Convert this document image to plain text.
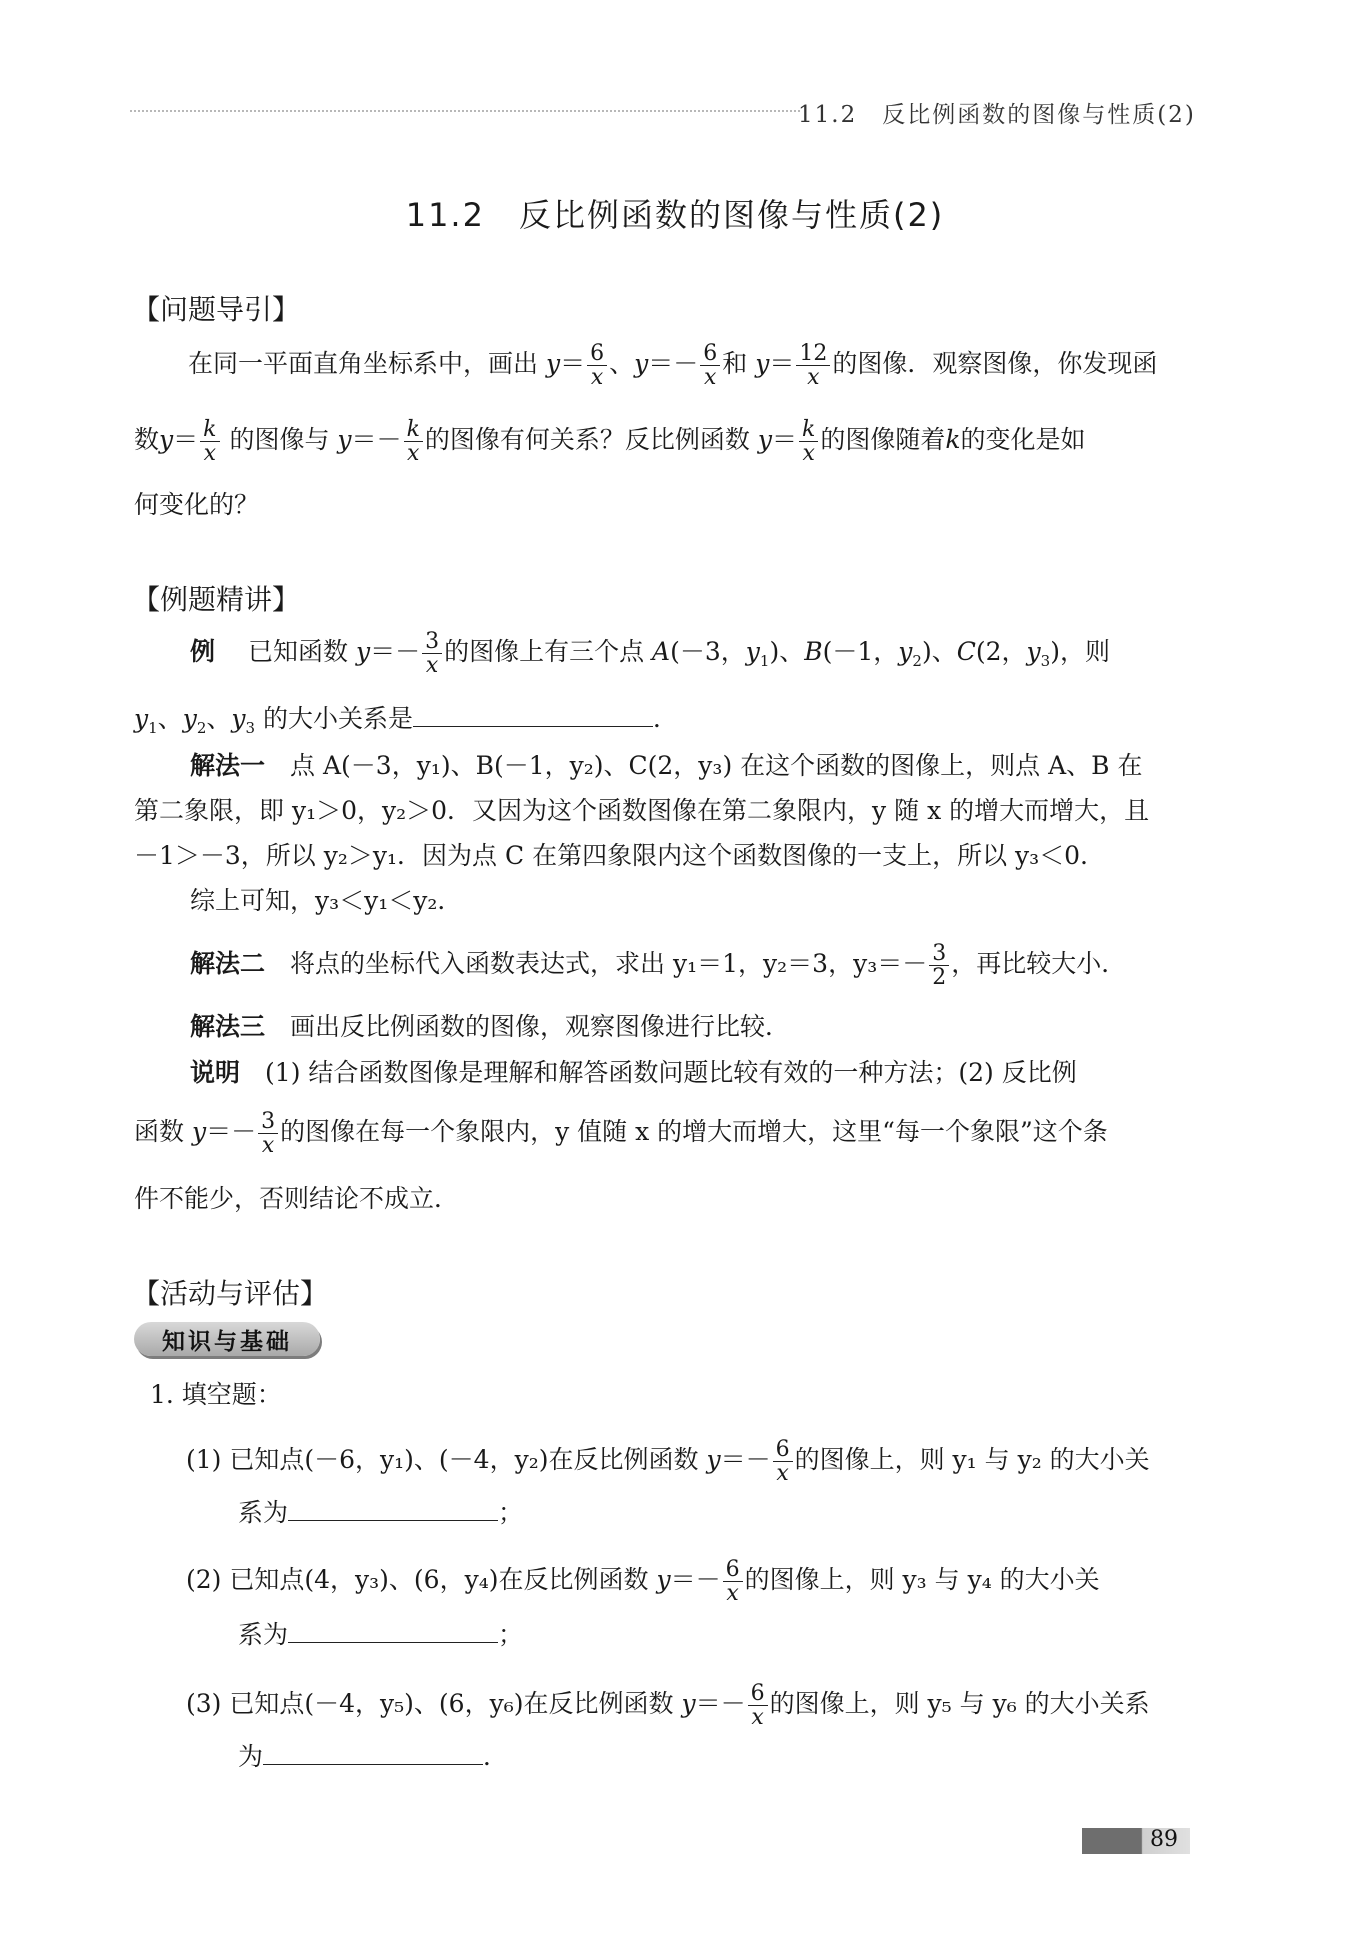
11.2　反比例函数的图像与性质(2)
11.2　反比例函数的图像与性质(2)
【问题导引】
在同一平面直角坐标系中，画出 $y= \frac{6}{x}$ 、$y=- \frac{6}{x}$ 和 $y= \frac{12}{x}$ 的图像．观察图像，你发现函
数$y= \frac{k}{x}$ 的图像与 $y=- \frac{k}{x}$ 的图像有何关系？反比例函数 $y= \frac{k}{x}$ 的图像随着k的变化是如
何变化的？
【例题精讲】
例　 已知函数 $y=- \frac{3}{x}$ 的图像上有三个点 A(－3，$y_1$)、B(－1，$y_2$)、C(2，$y_3$)，则
$y_1$、$y_2$、$y_3$ 的大小关系是	．
解法一　 点 A(－3，y₁)、B(－1，y₂)、C(2，y₃) 在这个函数的图像上，则点 A、B 在
第二象限，即 y₁＞0，y₂＞0．又因为这个函数图像在第二象限内，y 随 x 的增大而增大，且
－1＞－3，所以 y₂＞y₁．因为点 C 在第四象限内这个函数图像的一支上，所以 y₃＜0．
综上可知，y₃＜y₁＜y₂．
解法二　 将点的坐标代入函数表达式，求出 y₁＝1，y₂＝3，$y_3=- \frac{3}{2}$ ，再比较大小．
解法三　 画出反比例函数的图像，观察图像进行比较．
说明　 (1) 结合函数图像是理解和解答函数问题比较有效的一种方法；(2) 反比例
函数 $y=- \frac{3}{x}$ 的图像在每一个象限内，y 值随 x 的增大而增大，这里“每一个象限”这个条
件不能少，否则结论不成立．
【活动与评估】
知识与基础
1. 填空题：
(1) 已知点(－6，y₁)、(－4，y₂)在反比例函数 $y=- \frac{6}{x}$ 的图像上，则 y₁ 与 y₂ 的大小关
系为	；
(2) 已知点(4，y₃)、(6，y₄)在反比例函数 $y=- \frac{6}{x}$ 的图像上，则 y₃ 与 y₄ 的大小关
系为	；
(3) 已知点(－4，y₅)、(6，y₆)在反比例函数 $y=- \frac{6}{x}$ 的图像上，则 y₅ 与 y₆ 的大小关系
为	．
89
